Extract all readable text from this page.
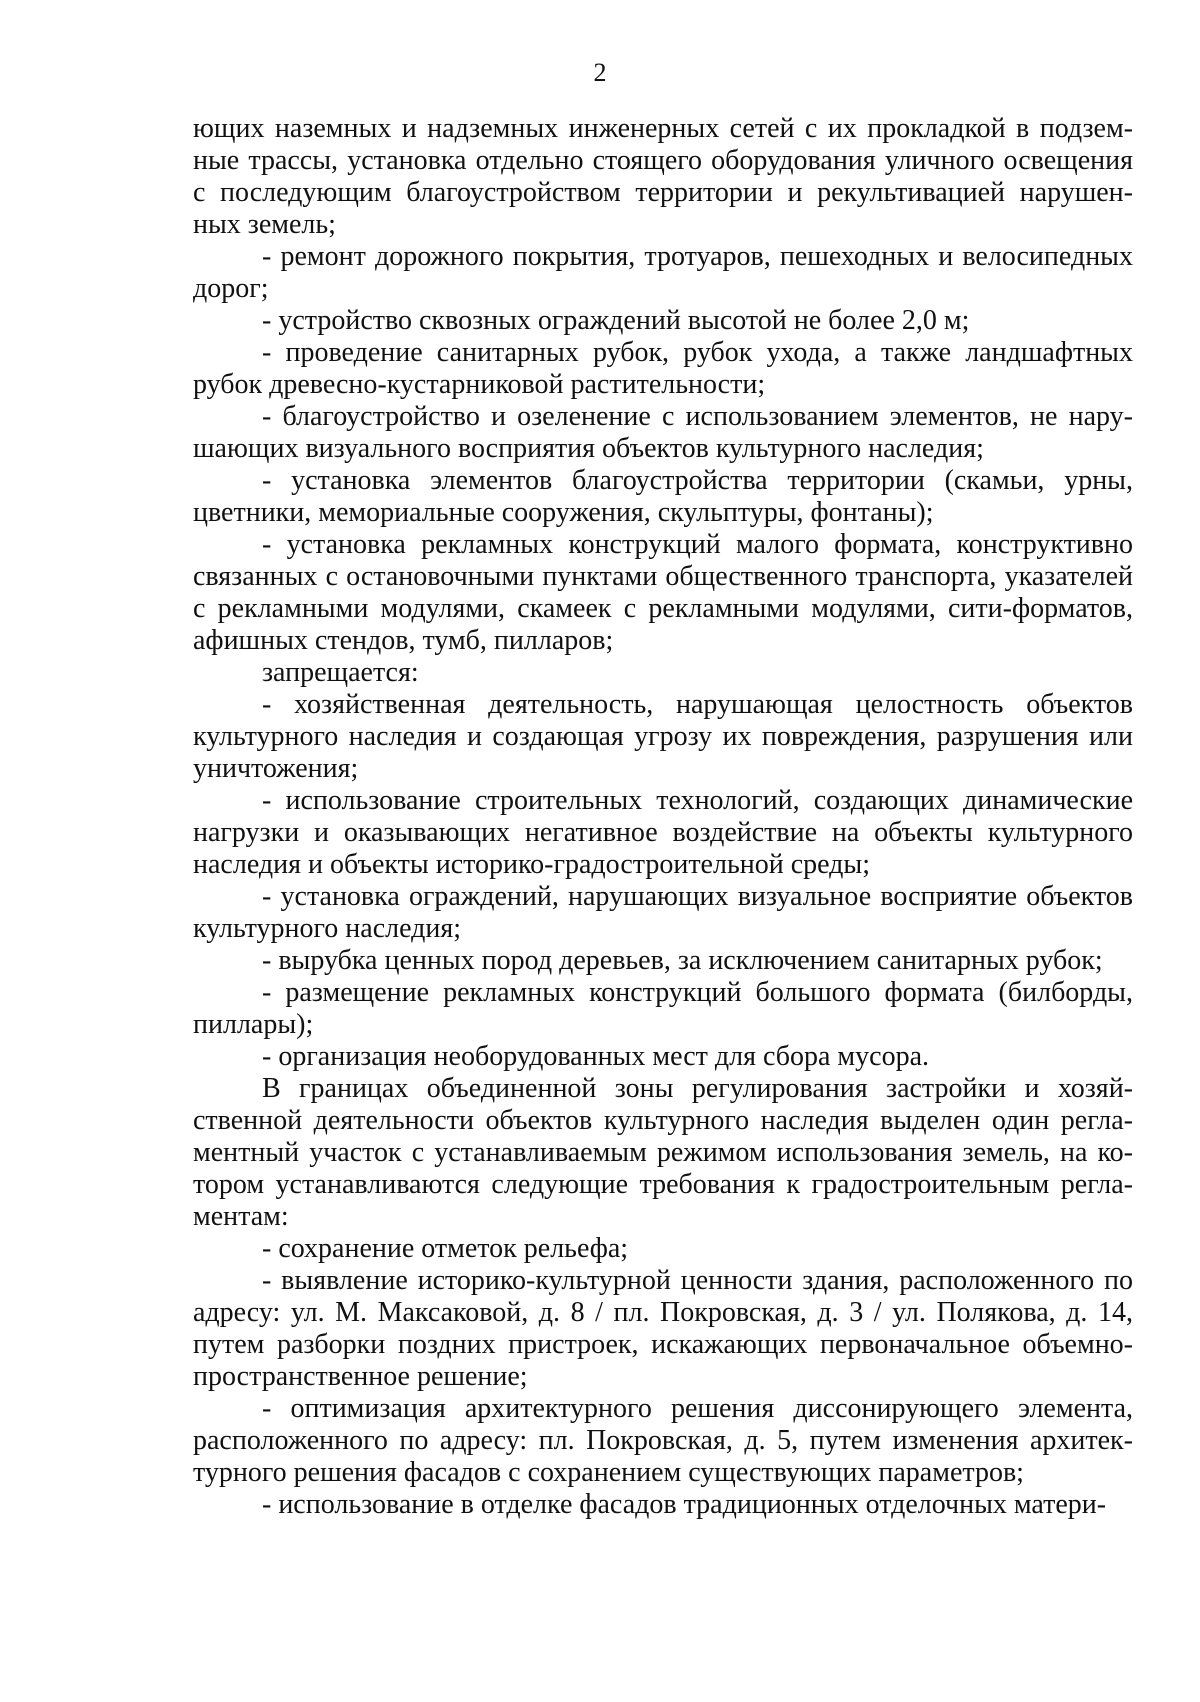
2

ющих наземных и надземных инженерных сетей с их прокладкой в подзем-ные трассы, установка отдельно стоящего оборудования уличного освещения с последующим благоустройством территории и рекультивацией нарушен-ных земель;

- ремонт дорожного покрытия, тротуаров, пешеходных и велосипедных дорог;

- устройство сквозных ограждений высотой не более 2,0 м;

- проведение санитарных рубок, рубок ухода, а также ландшафтных рубок древесно-кустарниковой растительности;

- благоустройство и озеленение с использованием элементов, не нару-шающих визуального восприятия объектов культурного наследия;

- установка элементов благоустройства территории (скамьи, урны, цветники, мемориальные сооружения, скульптуры, фонтаны);

- установка рекламных конструкций малого формата, конструктивно связанных с остановочными пунктами общественного транспорта, указателей с рекламными модулями, скамеек с рекламными модулями, сити-форматов, афишных стендов, тумб, пилларов;

запрещается:

- хозяйственная деятельность, нарушающая целостность объектов культурного наследия и создающая угрозу их повреждения, разрушения или уничтожения;

- использование строительных технологий, создающих динамические нагрузки и оказывающих негативное воздействие на объекты культурного наследия и объекты историко-градостроительной среды;

- установка ограждений, нарушающих визуальное восприятие объектов культурного наследия;

- вырубка ценных пород деревьев, за исключением санитарных рубок;

- размещение рекламных конструкций большого формата (билборды, пиллары);

- организация необорудованных мест для сбора мусора.

В границах объединенной зоны регулирования застройки и хозяй-ственной деятельности объектов культурного наследия выделен один регла-ментный участок с устанавливаемым режимом использования земель, на ко-тором устанавливаются следующие требования к градостроительным регла-ментам:

- сохранение отметок рельефа;

- выявление историко-культурной ценности здания, расположенного по адресу: ул. М. Максаковой, д. 8 / пл. Покровская, д. 3 / ул. Полякова, д. 14, путем разборки поздних пристроек, искажающих первоначальное объемно-пространственное решение;

- оптимизация архитектурного решения диссонирующего элемента, расположенного по адресу: пл. Покровская, д. 5, путем изменения архитек-турного решения фасадов с сохранением существующих параметров;

- использование в отделке фасадов традиционных отделочных матери-
